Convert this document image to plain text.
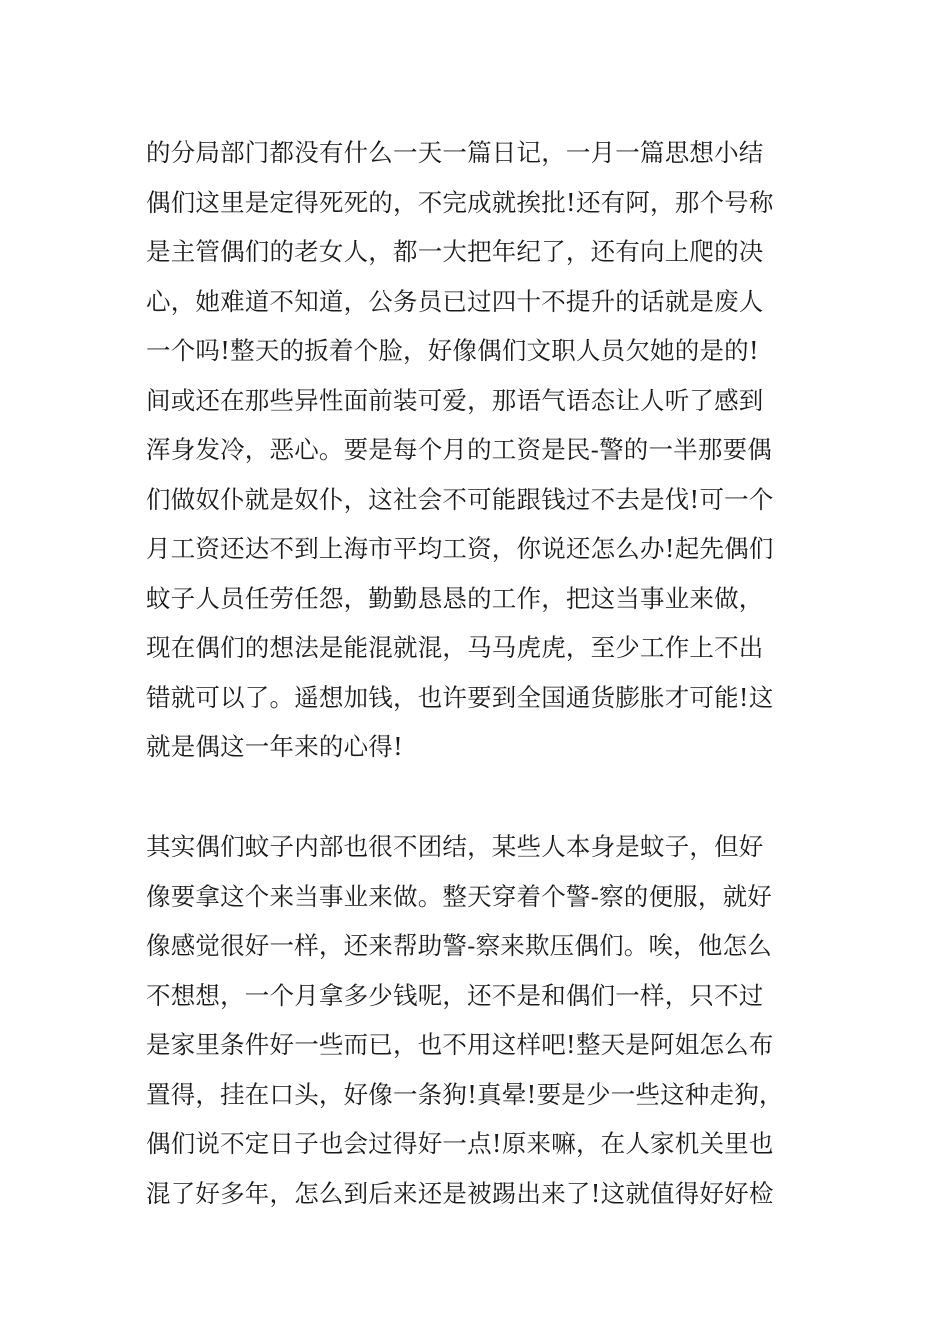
的分局部门都没有什么一天一篇日记，一月一篇思想小结
偶们这里是定得死死的，不完成就挨批!还有阿，那个号称
是主管偶们的老女人，都一大把年纪了，还有向上爬的决
心，她难道不知道，公务员已过四十不提升的话就是废人
一个吗!整天的扳着个脸，好像偶们文职人员欠她的是的!
间或还在那些异性面前装可爱，那语气语态让人听了感到
浑身发冷，恶心。要是每个月的工资是民-警的一半那要偶
们做奴仆就是奴仆，这社会不可能跟钱过不去是伐!可一个
月工资还达不到上海市平均工资，你说还怎么办!起先偶们
蚊子人员任劳任怨，勤勤恳恳的工作，把这当事业来做，
现在偶们的想法是能混就混，马马虎虎，至少工作上不出
错就可以了。遥想加钱，也许要到全国通货膨胀才可能!这
就是偶这一年来的心得!
其实偶们蚊子内部也很不团结，某些人本身是蚊子，但好
像要拿这个来当事业来做。整天穿着个警-察的便服，就好
像感觉很好一样，还来帮助警-察来欺压偶们。唉，他怎么
不想想，一个月拿多少钱呢，还不是和偶们一样，只不过
是家里条件好一些而已，也不用这样吧!整天是阿姐怎么布
置得，挂在口头，好像一条狗!真晕!要是少一些这种走狗，
偶们说不定日子也会过得好一点!原来嘛，在人家机关里也
混了好多年，怎么到后来还是被踢出来了!这就值得好好检
